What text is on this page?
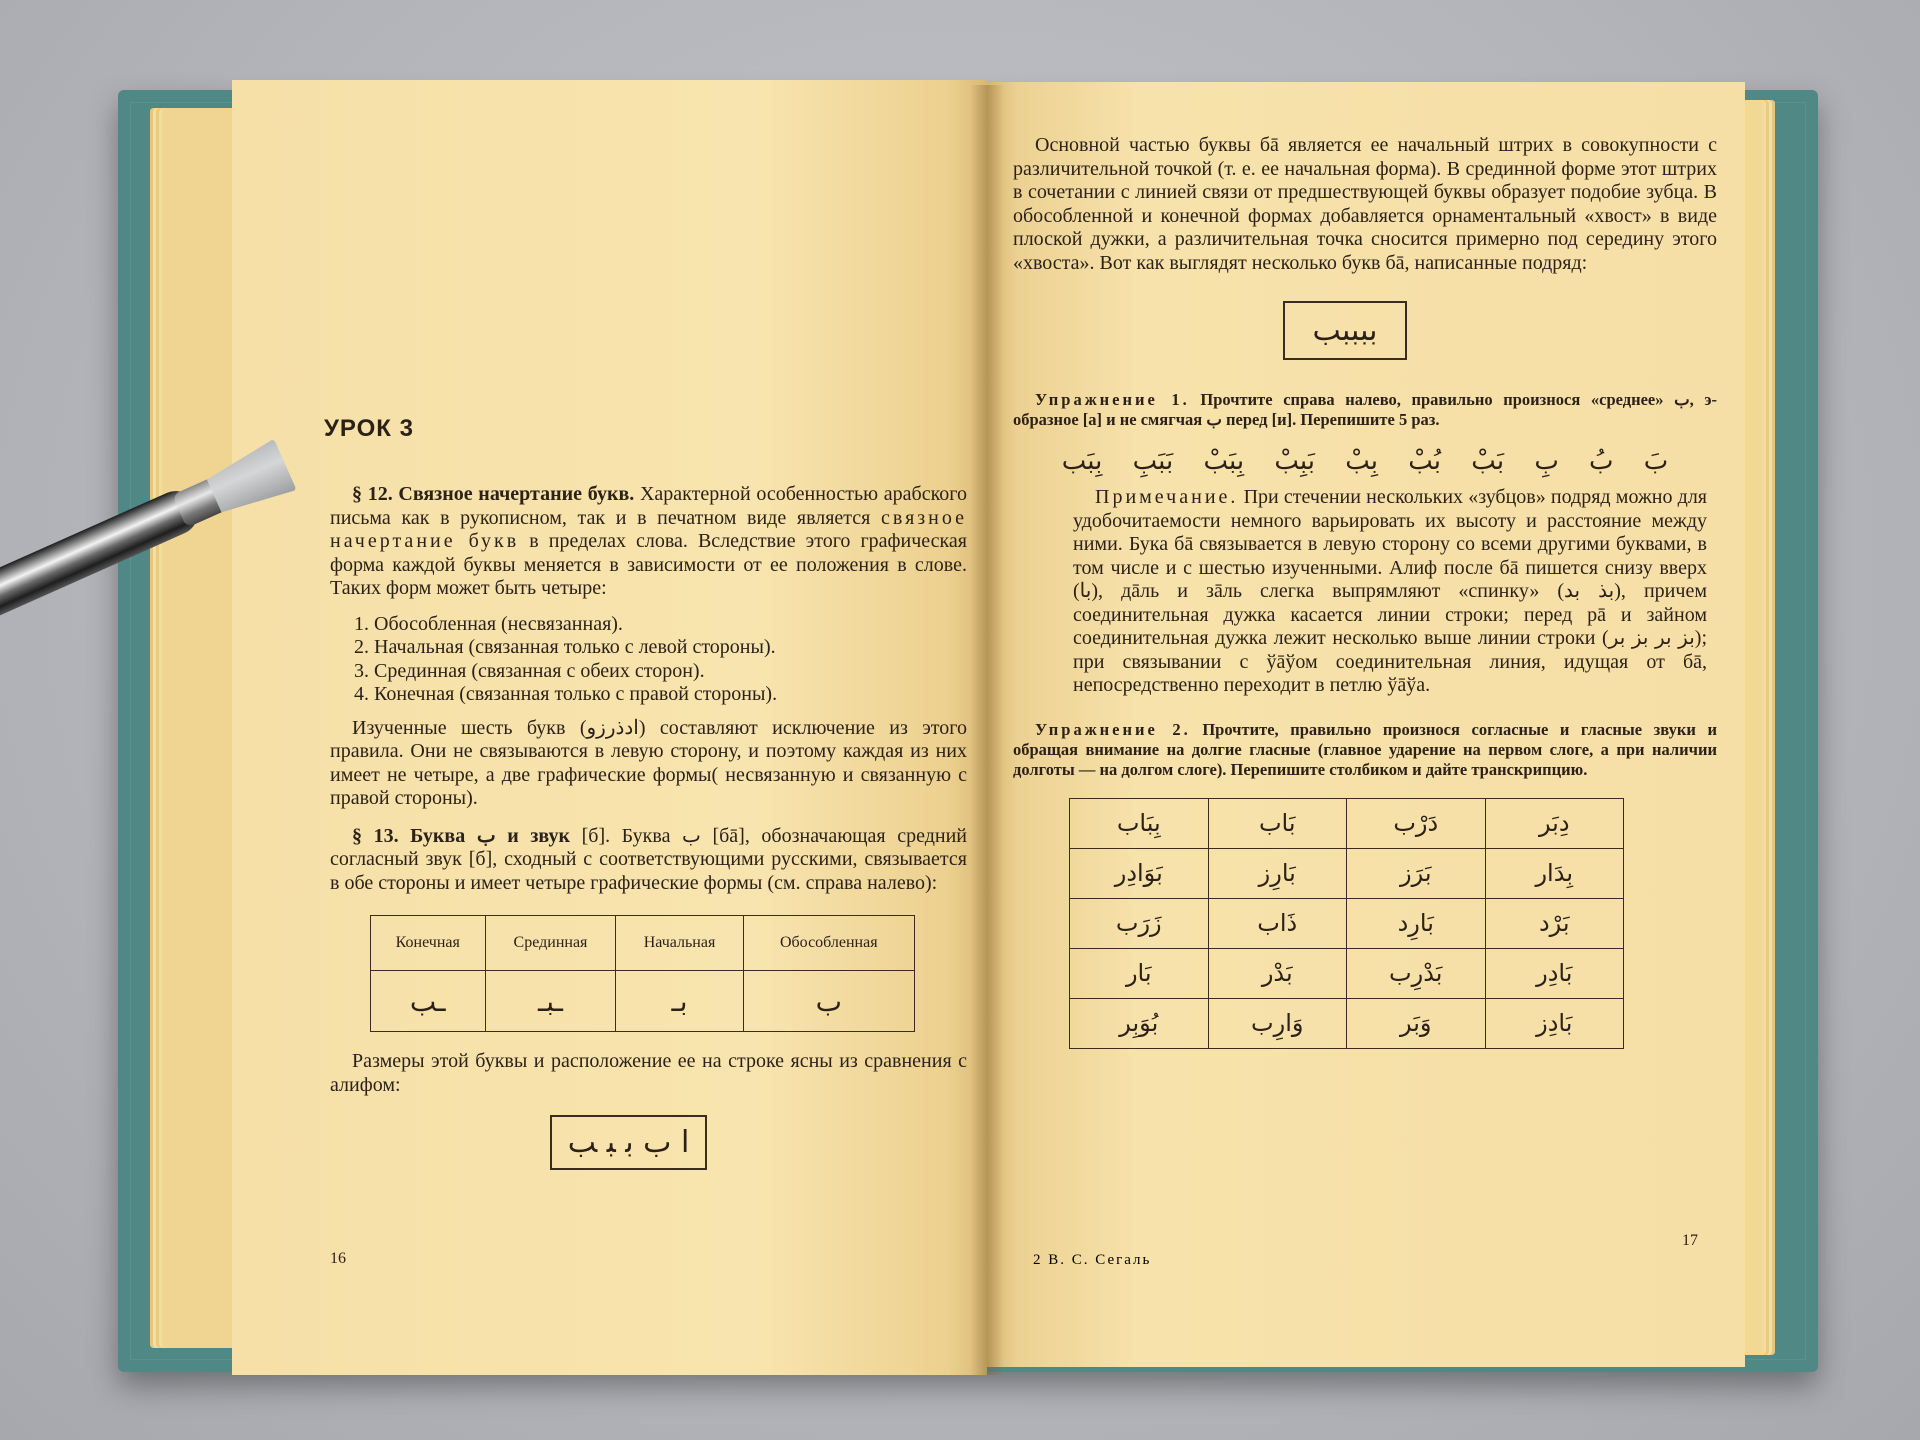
УРОК 3

§ 12. Связное начертание букв. Характерной особенностью арабского письма как в рукописном, так и в печатном виде является связное начертание букв в пределах слова. Вследствие этого графическая форма каждой буквы меняется в зависимости от ее положения в слове. Таких форм может быть четыре:

1. Обособленная (несвязанная).
2. Начальная (связанная только с левой стороны).
3. Срединная (связанная с обеих сторон).
4. Конечная (связанная только с правой стороны).

Изученные шесть букв (ادذرزو) составляют исключение из этого правила. Они не связываются в левую сторону, и поэтому каждая из них имеет не четыре, а две графические формы( несвязанную и связанную с правой стороны).

§ 13. Буква ب и звук [б]. Буква ب [бā], обозначающая средний согласный звук [б], сходный с соответствующими русскими, связывается в обе стороны и имеет четыре графические формы (см. справа налево):

Конечная	Срединная	Начальная	Обособленная
ـب	ـبـ	بـ	ب

Размеры этой буквы и расположение ее на строке ясны из сравнения с алифом:

ا ب ﺑ ﺒ ﺐ
16

Основной частью буквы бā является ее начальный штрих в совокупности с различительной точкой (т. е. ее начальная форма). В срединной форме этот штрих в сочетании с линией связи от предшествующей буквы образует подобие зубца. В обособленной и конечной формах добавляется орнаментальный «хвост» в виде плоской дужки, а различительная точка сносится примерно под середину этого «хвоста». Вот как выглядят несколько букв бā, написанные подряд:

ببببب

Упражнение 1. Прочтите справа налево, правильно произнося «среднее» ب, э-образное [а] и не смягчая ب перед [и]. Перепишите 5 раз.

بَ بُ بِ بَبْ بُبْ بِبْ بَبِبْ بِبَبْ بَبَبِ بِبَب

Примечание. При стечении нескольких «зубцов» подряд можно для удобочитаемости немного варьировать их высоту и расстояние между ними. Бука бā связывается в левую сторону со всеми другими буквами, в том числе и с шестью изученными. Алиф после бā пишется снизу вверх (با), дāль и зāль слегка выпрямляют «спинку» (بذ بد), причем соединительная дужка касается линии строки; перед рā и зайном соединительная дужка лежит несколько выше линии строки (بز بر بز بر); при связывании с ўāўом соединительная линия, идущая от бā, непосредственно переходит в петлю ўāўа.

Упражнение 2. Прочтите, правильно произнося согласные и гласные звуки и обращая внимание на долгие гласные (главное ударение на первом слоге, а при наличии долготы — на долгом слоге). Перепишите столбиком и дайте транскрипцию.

بِبَاب	بَاب	دَرْب	دِبَر
بَوَادِر	بَارِز	بَرَز	بِدَار
زَرَب	ذَاب	بَارِد	بَرْد
بَار	بَدْر	بَدْرِب	بَادِر
بُوَبِر	وَارِب	وَبَر	بَادِز
17
2 В. С. Сегаль
